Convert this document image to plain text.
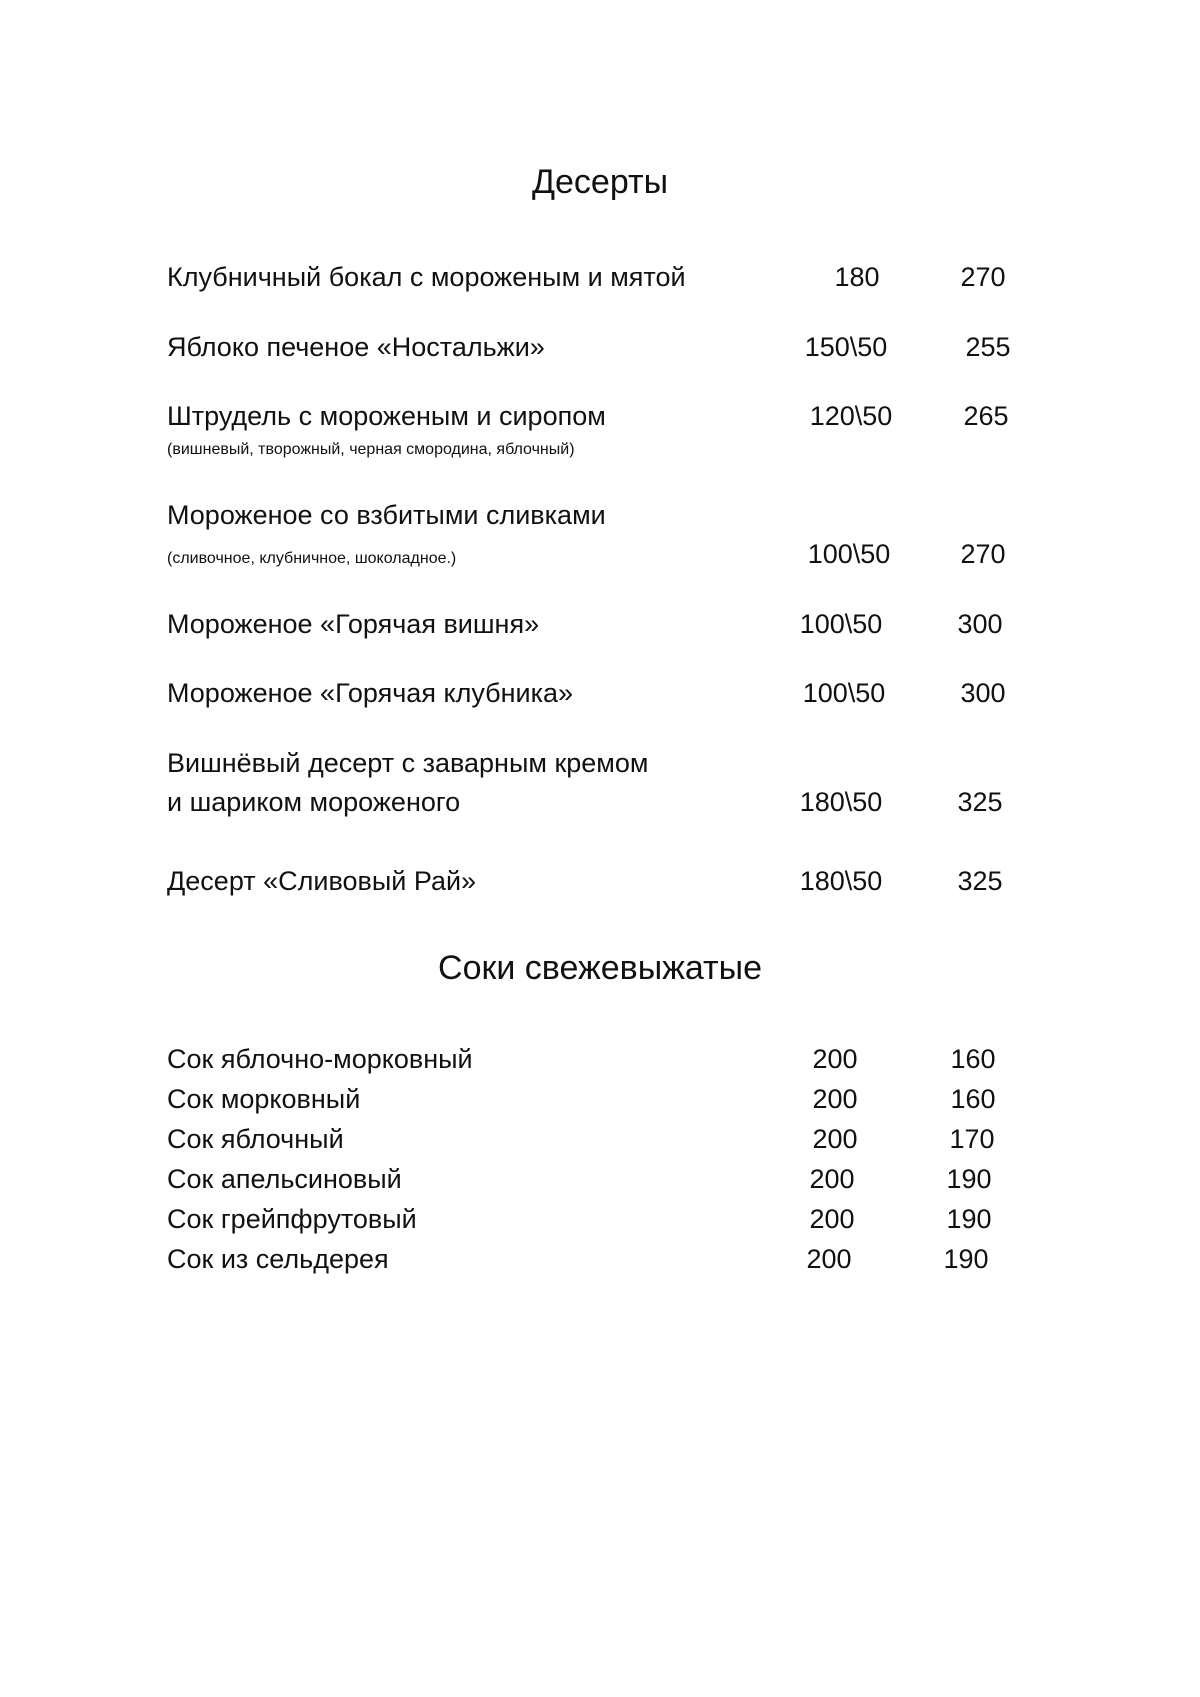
Десерты
Клубничный бокал с мороженым и мятой	180	270
Яблоко печеное «Ностальжи»	150\50	255
Штрудель с мороженым и сиропом	120\50	265
(вишневый, творожный, черная смородина, яблочный)
Мороженое со взбитыми сливками
(сливочное, клубничное, шоколадное.)	100\50	270
Мороженое «Горячая вишня»	100\50	300
Мороженое «Горячая клубника»	100\50	300
Вишнёвый десерт с заварным кремом
и шариком мороженого	180\50	325
Десерт «Сливовый Рай»	180\50	325
Соки свежевыжатые
Сок яблочно-морковный	200	160
Сок морковный	200	160
Сок яблочный	200	170
Сок апельсиновый	200	190
Сок грейпфрутовый	200	190
Сок из сельдерея	200	190
